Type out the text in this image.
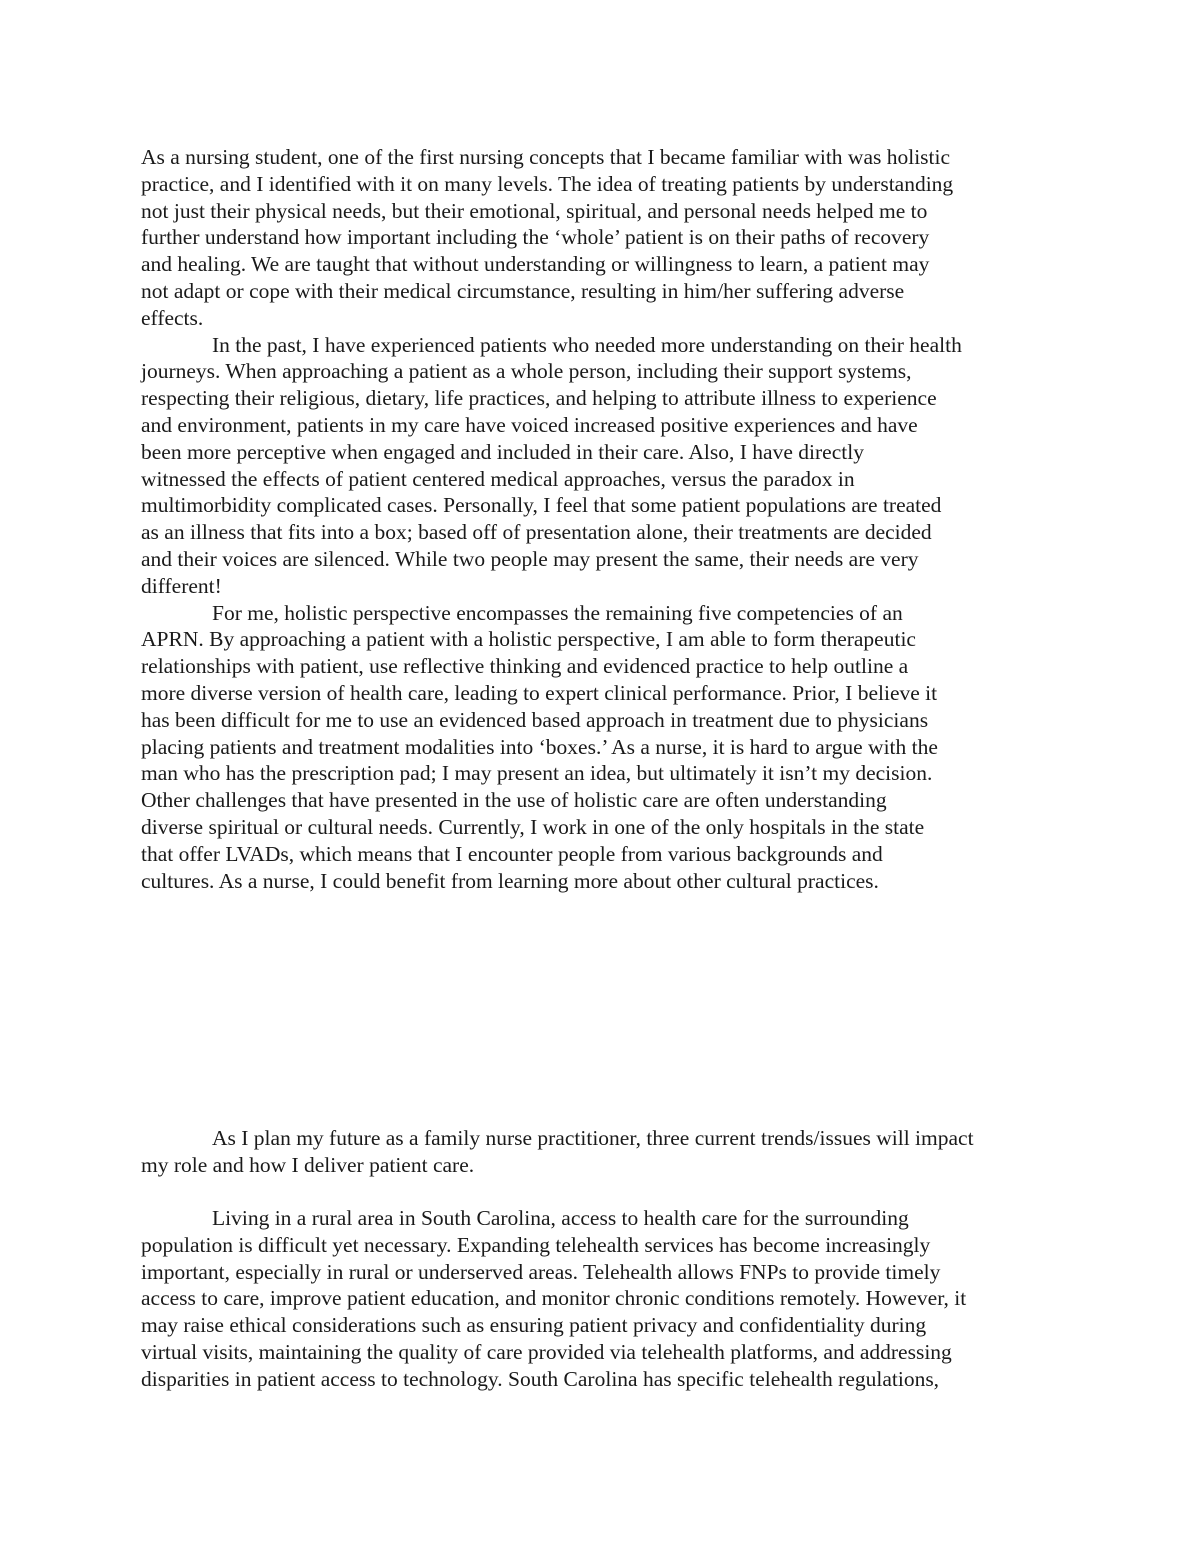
As a nursing student, one of the first nursing concepts that I became familiar with was holistic
practice, and I identified with it on many levels. The idea of treating patients by understanding
not just their physical needs, but their emotional, spiritual, and personal needs helped me to
further understand how important including the ‘whole’ patient is on their paths of recovery
and healing. We are taught that without understanding or willingness to learn, a patient may
not adapt or cope with their medical circumstance, resulting in him/her suffering adverse
effects.
In the past, I have experienced patients who needed more understanding on their health
journeys. When approaching a patient as a whole person, including their support systems,
respecting their religious, dietary, life practices, and helping to attribute illness to experience
and environment, patients in my care have voiced increased positive experiences and have
been more perceptive when engaged and included in their care. Also, I have directly
witnessed the effects of patient centered medical approaches, versus the paradox in
multimorbidity complicated cases. Personally, I feel that some patient populations are treated
as an illness that fits into a box; based off of presentation alone, their treatments are decided
and their voices are silenced. While two people may present the same, their needs are very
different!
For me, holistic perspective encompasses the remaining five competencies of an
APRN. By approaching a patient with a holistic perspective, I am able to form therapeutic
relationships with patient, use reflective thinking and evidenced practice to help outline a
more diverse version of health care, leading to expert clinical performance. Prior, I believe it
has been difficult for me to use an evidenced based approach in treatment due to physicians
placing patients and treatment modalities into ‘boxes.’ As a nurse, it is hard to argue with the
man who has the prescription pad; I may present an idea, but ultimately it isn’t my decision.
Other challenges that have presented in the use of holistic care are often understanding
diverse spiritual or cultural needs. Currently, I work in one of the only hospitals in the state
that offer LVADs, which means that I encounter people from various backgrounds and
cultures. As a nurse, I could benefit from learning more about other cultural practices.
As I plan my future as a family nurse practitioner, three current trends/issues will impact
my role and how I deliver patient care.
Living in a rural area in South Carolina, access to health care for the surrounding
population is difficult yet necessary. Expanding telehealth services has become increasingly
important, especially in rural or underserved areas. Telehealth allows FNPs to provide timely
access to care, improve patient education, and monitor chronic conditions remotely. However, it
may raise ethical considerations such as ensuring patient privacy and confidentiality during
virtual visits, maintaining the quality of care provided via telehealth platforms, and addressing
disparities in patient access to technology. South Carolina has specific telehealth regulations,
